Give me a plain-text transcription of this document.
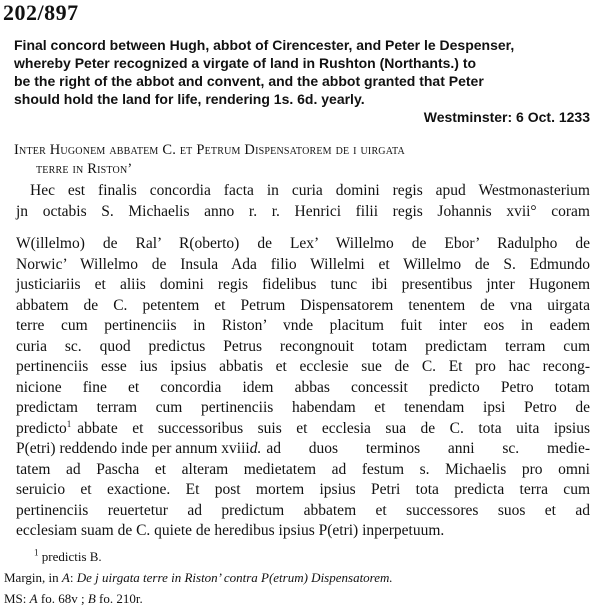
202/897

Final concord between Hugh, abbot of Cirencester, and Peter le Despenser,

whereby Peter recognized a virgate of land in Rushton (Northants.) to

be the right of the abbot and convent, and the abbot granted that Peter

should hold the land for life, rendering 1s. 6d. yearly.

Westminster: 6 Oct. 1233

Inter Hugonem abbatem C. et Petrum Dispensatorem de i uirgata
terre in Riston’
Hec est finalis concordia facta in curia domini regis apud Westmonasterium
jn octabis S. Michaelis anno r. r. Henrici filii regis Johannis xvii° coram
W(illelmo) de Ral’ R(oberto) de Lex’ Willelmo de Ebor’ Radulpho de
Norwic’ Willelmo de Insula Ada filio Willelmi et Willelmo de S. Edmundo
justiciariis et aliis domini regis fidelibus tunc ibi presentibus jnter Hugonem
abbatem de C. petentem et Petrum Dispensatorem tenentem de vna uirgata
terre cum pertinenciis in Riston’ vnde placitum fuit inter eos in eadem
curia sc. quod predictus Petrus recongnouit totam predictam terram cum
pertinenciis esse ius ipsius abbatis et ecclesie sue de C. Et pro hac recong-
nicione fine et concordia idem abbas concessit predicto Petro totam
predictam terram cum pertinenciis habendam et tenendam ipsi Petro de
predicto$^1$ abbate et successoribus suis et ecclesia sua de C. tota uita ipsius
P(etri) reddendo inde per annum xviii d. ad duos terminos anni sc. medie-
tatem ad Pascha et alteram medietatem ad festum s. Michaelis pro omni
seruicio et exactione. Et post mortem ipsius Petri tota predicta terra cum
pertinenciis reuertetur ad predictum abbatem et successores suos et ad
ecclesiam suam de C. quiete de heredibus ipsius P(etri) inperpetuum.
$^1$ predictis B.
Margin, in A: De j uirgata terre in Riston’ contra P(etrum) Dispensatorem.
MS: A fo. 68v ; B fo. 210r.
